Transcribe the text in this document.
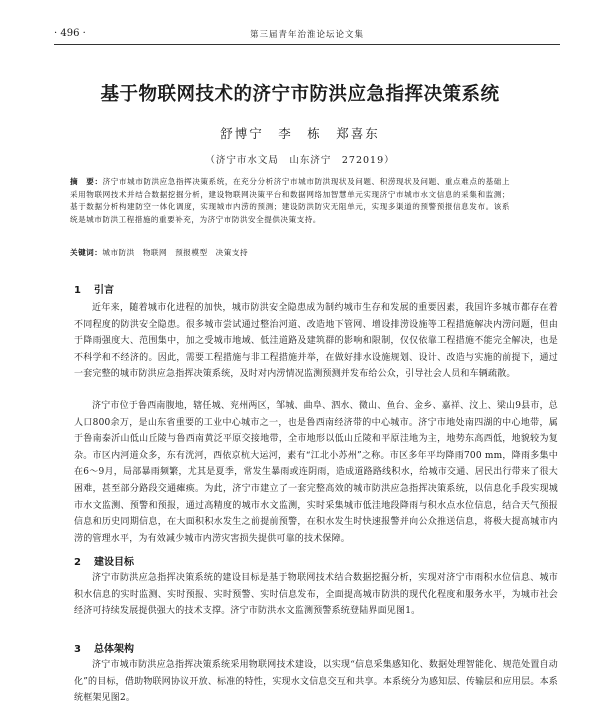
· 496 ·	第三届青年治淮论坛论文集
基于物联网技术的济宁市防洪应急指挥决策系统
舒博宁　李　栋　郑喜东
（济宁市水文局　山东济宁　272019）
摘　要：济宁市城市防洪应急指挥决策系统，在充分分析济宁市城市防洪现状及问题、积涝现状及问题、重点难点的基础上采用物联网技术并结合数据挖掘分析，建设物联网决策平台和数据网络加智慧单元实现济宁市城市水文信息的采集和监测；基于数据分析构建防空一体化调度，实现城市内涝的预测；建设防洪防灾无阻单元，实现多渠道的预警预报信息发布。该系统是城市防洪工程措施的重要补充，为济宁市防洪安全提供决策支持。
关键词：城市防洪　物联网　预报模型　决策支持
1 引言
近年来，随着城市化进程的加快，城市防洪安全隐患成为制约城市生存和发展的重要因素，我国许多城市都存在着不同程度的防洪安全隐患。很多城市尝试通过整治河道、改造地下管网、增设排涝设施等工程措施解决内涝问题，但由于降雨强度大、范围集中，加之受城市地域、低洼道路及建筑群的影响和限制，仅仅依靠工程措施不能完全解决，也是不科学和不经济的。因此，需要工程措施与非工程措施并举，在做好排水设施规划、设计、改造与实施的前提下，通过一套完整的城市防洪应急指挥决策系统，及时对内涝情况监测预测并发布给公众，引导社会人员和车辆疏散。
济宁市位于鲁西南腹地，辖任城、兖州两区，邹城、曲阜、泗水、微山、鱼台、金乡、嘉祥、汶上、梁山9县市，总人口800余万，是山东省重要的工业中心城市之一，也是鲁西南经济带的中心城市。济宁市地处南四湖的中心地带，属于鲁南泰沂山低山丘陵与鲁西南黄泛平原交接地带，全市地形以低山丘陵和平原洼地为主，地势东高西低，地貌较为复杂。市区内河道众多，东有洸河，西依京杭大运河，素有“江北小苏州”之称。市区多年平均降雨700 mm，降雨多集中在6～9月，局部暴雨频繁，尤其是夏季，常发生暴雨或连阴雨，造成道路路线积水，给城市交通、居民出行带来了很大困难，甚至部分路段交通瘫痪。为此，济宁市建立了一套完整高效的城市防洪应急指挥决策系统，以信息化手段实现城市水文监测、预警和预报，通过高精度的城市水文监测，实时采集城市低洼地段降雨与积水点水位信息，结合天气预报信息和历史同期信息，在大面积积水发生之前提前预警，在积水发生时快速报警并向公众推送信息，将极大提高城市内涝的管理水平，为有效减少城市内涝灾害损失提供可靠的技术保障。
2 建设目标
济宁市防洪应急指挥决策系统的建设目标是基于物联网技术结合数据挖掘分析，实现对济宁市雨积水位信息、城市积水信息的实时监测、实时预报、实时预警、实时信息发布，全面提高城市防洪的现代化程度和服务水平，为城市社会经济可持续发展提供强大的技术支撑。济宁市防洪水文监测预警系统登陆界面见图1。
3 总体架构
济宁市城市防洪应急指挥决策系统采用物联网技术建设，以实现“信息采集感知化、数据处理智能化、规范处置自动化”的目标，借助物联网协议开放、标准的特性，实现水文信息交互和共享。本系统分为感知层、传输层和应用层。本系统框架见图2。
